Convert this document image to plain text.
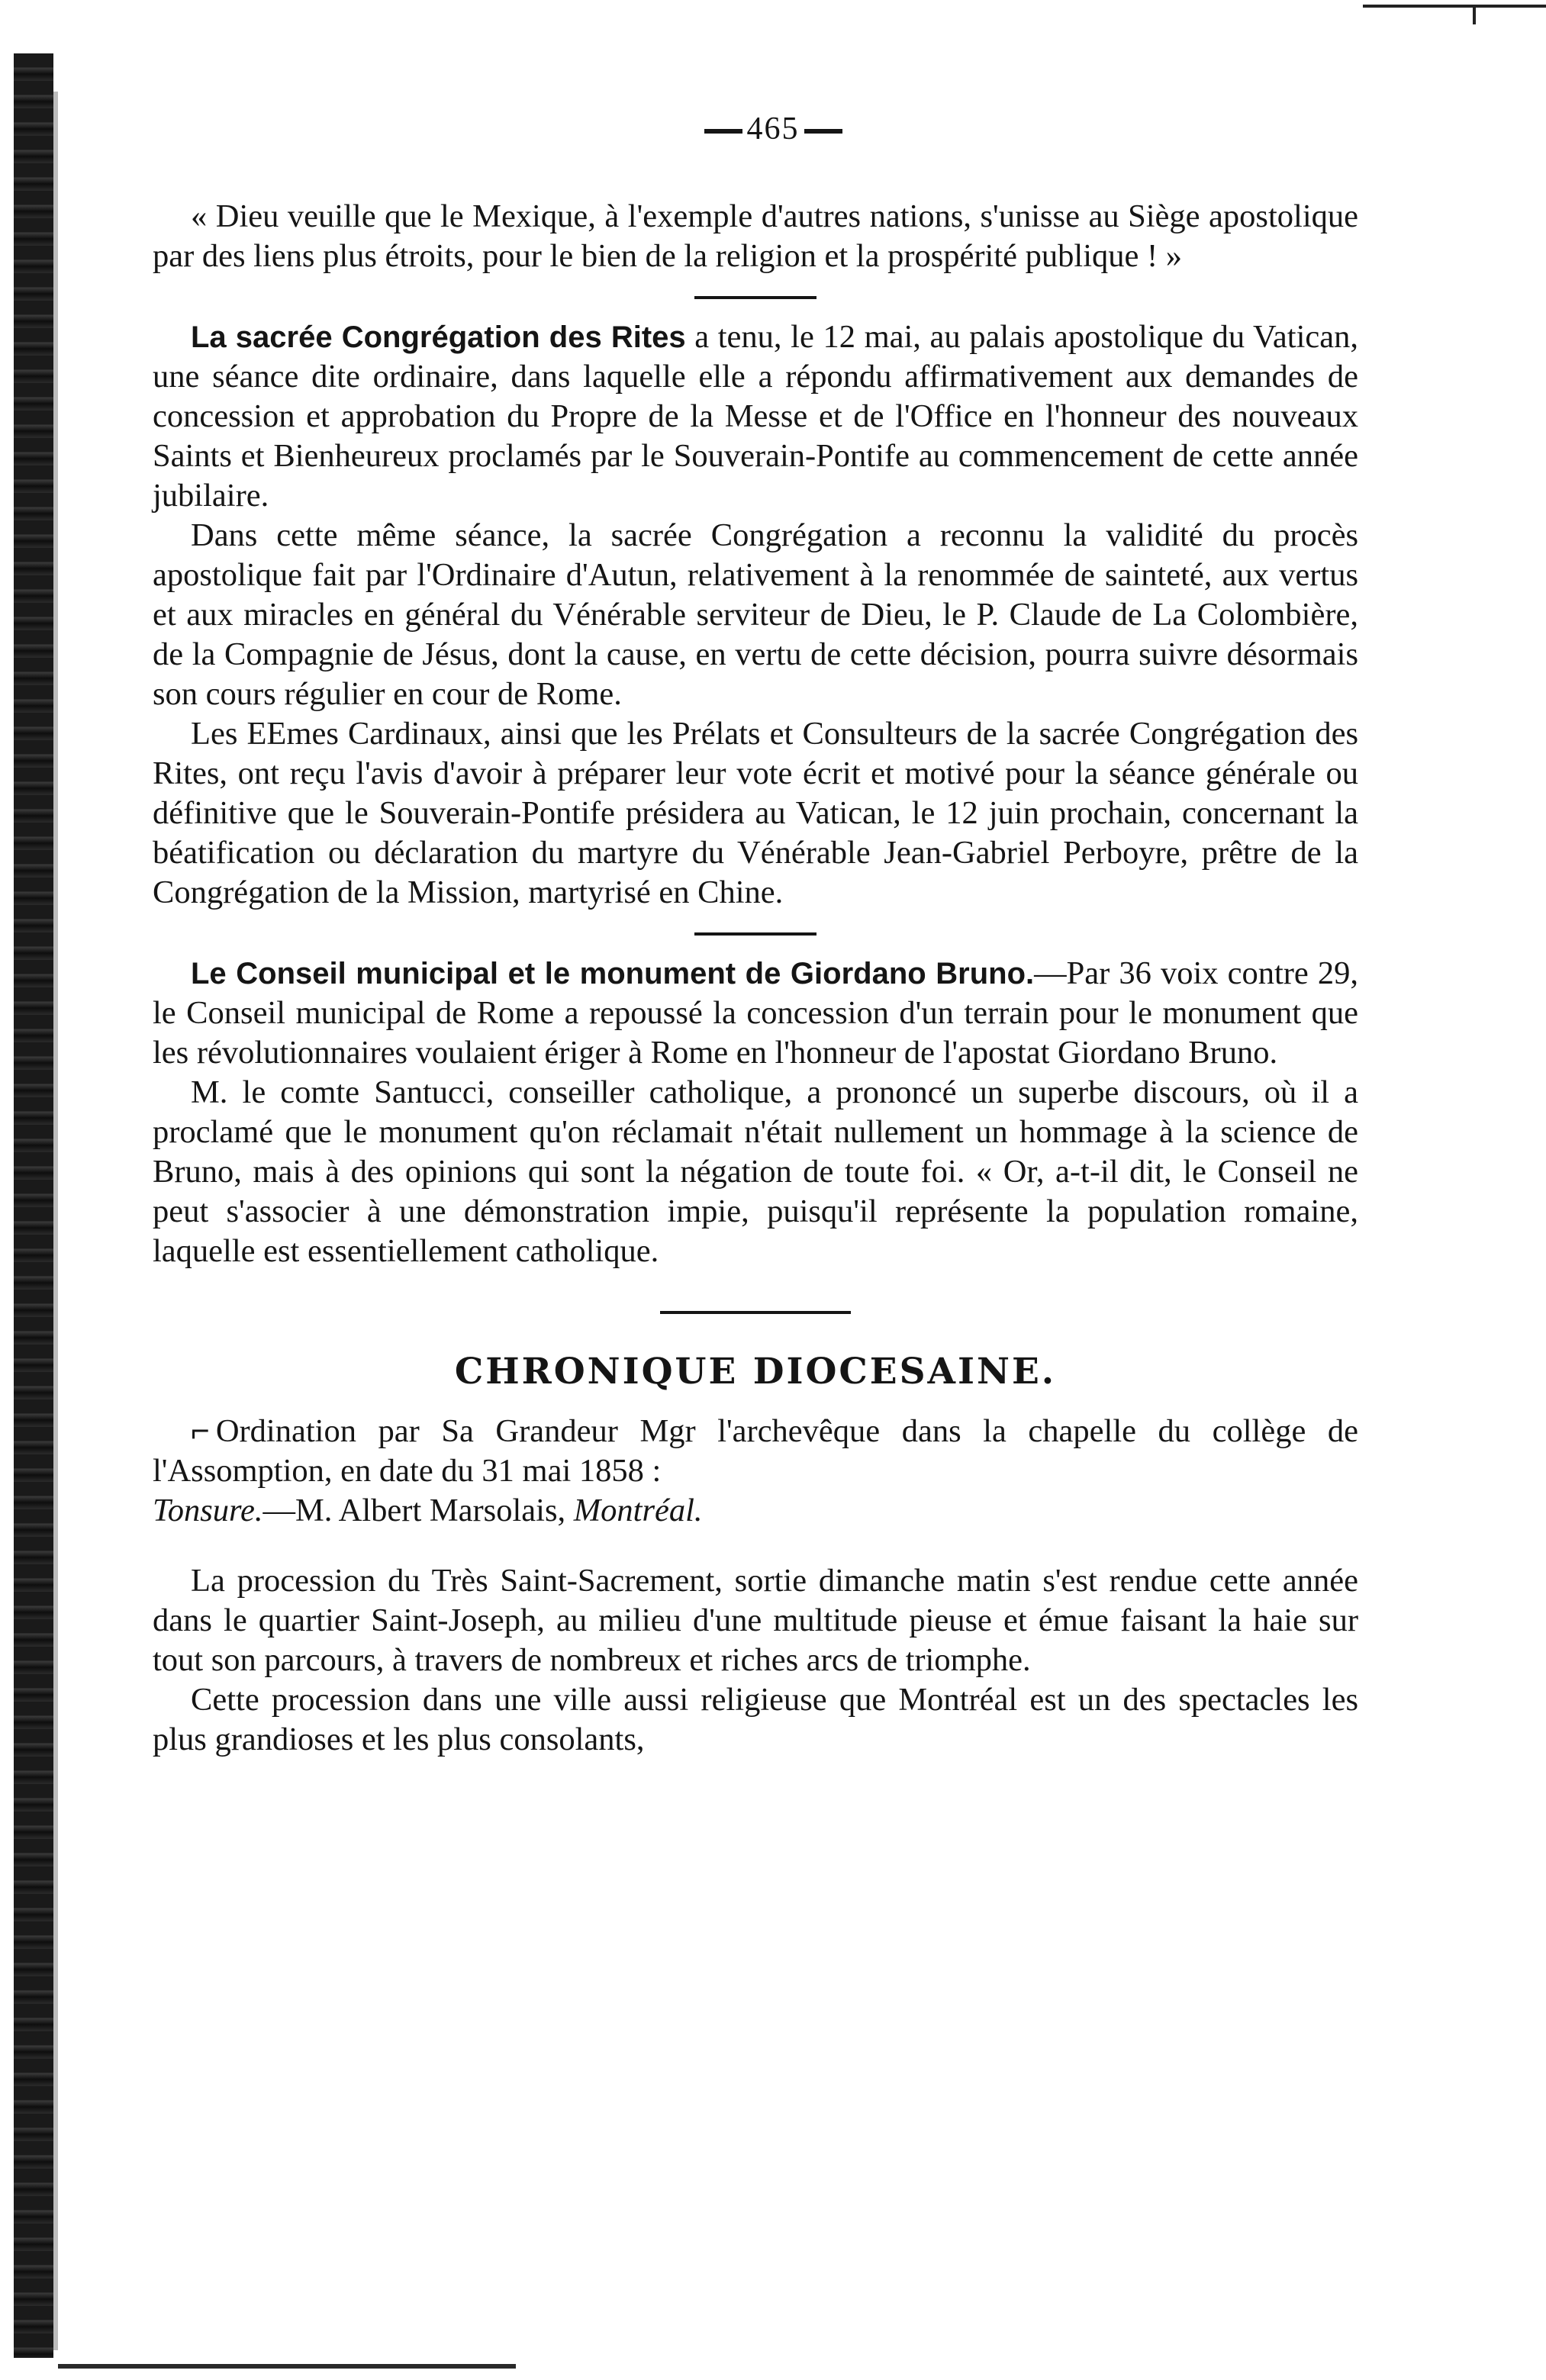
465

« Dieu veuille que le Mexique, à l'exemple d'autres nations, s'unisse au Siège apostolique par des liens plus étroits, pour le bien de la religion et la prospérité publique ! »

La sacrée Congrégation des Rites a tenu, le 12 mai, au palais apostolique du Vatican, une séance dite ordinaire, dans laquelle elle a répondu affirmativement aux demandes de concession et approbation du Propre de la Messe et de l'Office en l'honneur des nouveaux Saints et Bienheureux proclamés par le Souverain-Pontife au commencement de cette année jubilaire.

Dans cette même séance, la sacrée Congrégation a reconnu la validité du procès apostolique fait par l'Ordinaire d'Autun, relativement à la renommée de sainteté, aux vertus et aux miracles en général du Vénérable serviteur de Dieu, le P. Claude de La Colombière, de la Compagnie de Jésus, dont la cause, en vertu de cette décision, pourra suivre désormais son cours régulier en cour de Rome.

Les EEmes Cardinaux, ainsi que les Prélats et Consulteurs de la sacrée Congrégation des Rites, ont reçu l'avis d'avoir à préparer leur vote écrit et motivé pour la séance générale ou définitive que le Souverain-Pontife présidera au Vatican, le 12 juin prochain, concernant la béatification ou déclaration du martyre du Vénérable Jean-Gabriel Perboyre, prêtre de la Congrégation de la Mission, martyrisé en Chine.

Le Conseil municipal et le monument de Giordano Bruno.—Par 36 voix contre 29, le Conseil municipal de Rome a repoussé la concession d'un terrain pour le monument que les révolutionnaires voulaient ériger à Rome en l'honneur de l'apostat Giordano Bruno.

M. le comte Santucci, conseiller catholique, a prononcé un superbe discours, où il a proclamé que le monument qu'on réclamait n'était nullement un hommage à la science de Bruno, mais à des opinions qui sont la négation de toute foi. « Or, a-t-il dit, le Conseil ne peut s'associer à une démonstration impie, puisqu'il représente la population romaine, laquelle est essentiellement catholique.

CHRONIQUE DIOCESAINE.

⌐ Ordination par Sa Grandeur Mgr l'archevêque dans la chapelle du collège de l'Assomption, en date du 31 mai 1858 :

Tonsure.—M. Albert Marsolais, Montréal.

La procession du Très Saint-Sacrement, sortie dimanche matin s'est rendue cette année dans le quartier Saint-Joseph, au milieu d'une multitude pieuse et émue faisant la haie sur tout son parcours, à travers de nombreux et riches arcs de triomphe.

Cette procession dans une ville aussi religieuse que Montréal est un des spectacles les plus grandioses et les plus consolants,
